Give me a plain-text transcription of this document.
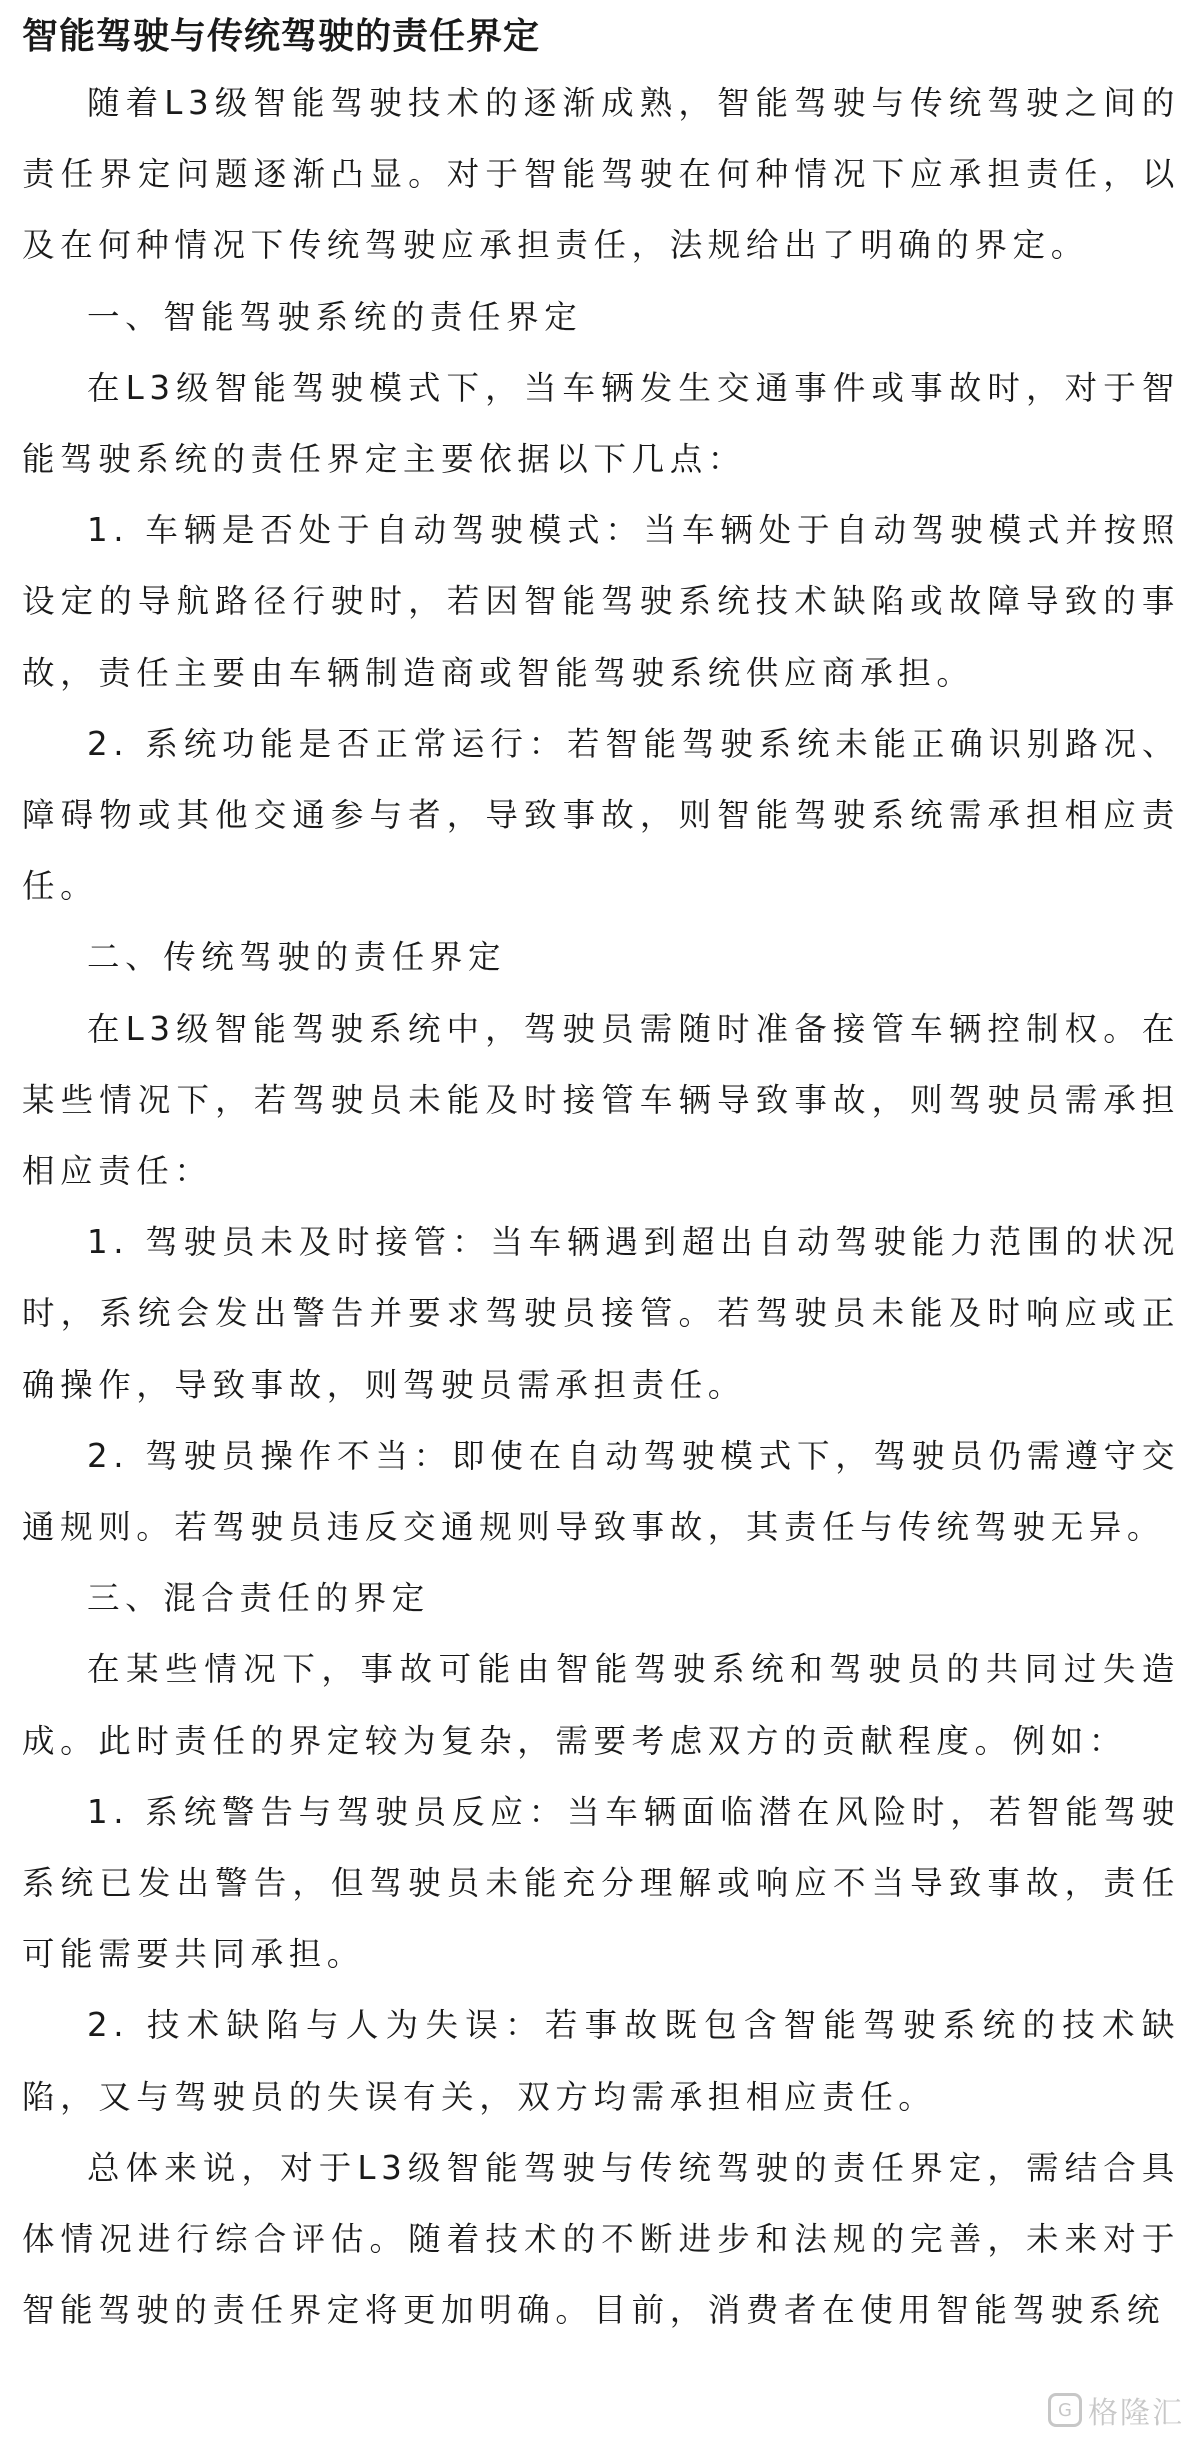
智能驾驶与传统驾驶的责任界定

随着L3级智能驾驶技术的逐渐成熟，智能驾驶与传统驾驶之间的责任界定问题逐渐凸显。对于智能驾驶在何种情况下应承担责任，以及在何种情况下传统驾驶应承担责任，法规给出了明确的界定。

一、智能驾驶系统的责任界定

在L3级智能驾驶模式下，当车辆发生交通事件或事故时，对于智能驾驶系统的责任界定主要依据以下几点：

1. 车辆是否处于自动驾驶模式：当车辆处于自动驾驶模式并按照设定的导航路径行驶时，若因智能驾驶系统技术缺陷或故障导致的事故，责任主要由车辆制造商或智能驾驶系统供应商承担。

2. 系统功能是否正常运行：若智能驾驶系统未能正确识别路况、障碍物或其他交通参与者，导致事故，则智能驾驶系统需承担相应责任。

二、传统驾驶的责任界定

在L3级智能驾驶系统中，驾驶员需随时准备接管车辆控制权。在某些情况下，若驾驶员未能及时接管车辆导致事故，则驾驶员需承担相应责任：

1. 驾驶员未及时接管：当车辆遇到超出自动驾驶能力范围的状况时，系统会发出警告并要求驾驶员接管。若驾驶员未能及时响应或正确操作，导致事故，则驾驶员需承担责任。

2. 驾驶员操作不当：即使在自动驾驶模式下，驾驶员仍需遵守交通规则。若驾驶员违反交通规则导致事故，其责任与传统驾驶无异。

三、混合责任的界定

在某些情况下，事故可能由智能驾驶系统和驾驶员的共同过失造成。此时责任的界定较为复杂，需要考虑双方的贡献程度。例如：

1. 系统警告与驾驶员反应：当车辆面临潜在风险时，若智能驾驶系统已发出警告，但驾驶员未能充分理解或响应不当导致事故，责任可能需要共同承担。

2. 技术缺陷与人为失误：若事故既包含智能驾驶系统的技术缺陷，又与驾驶员的失误有关，双方均需承担相应责任。

总体来说，对于L3级智能驾驶与传统驾驶的责任界定，需结合具体情况进行综合评估。随着技术的不断进步和法规的完善，未来对于智能驾驶的责任界定将更加明确。目前，消费者在使用智能驾驶系统

G 格隆汇
